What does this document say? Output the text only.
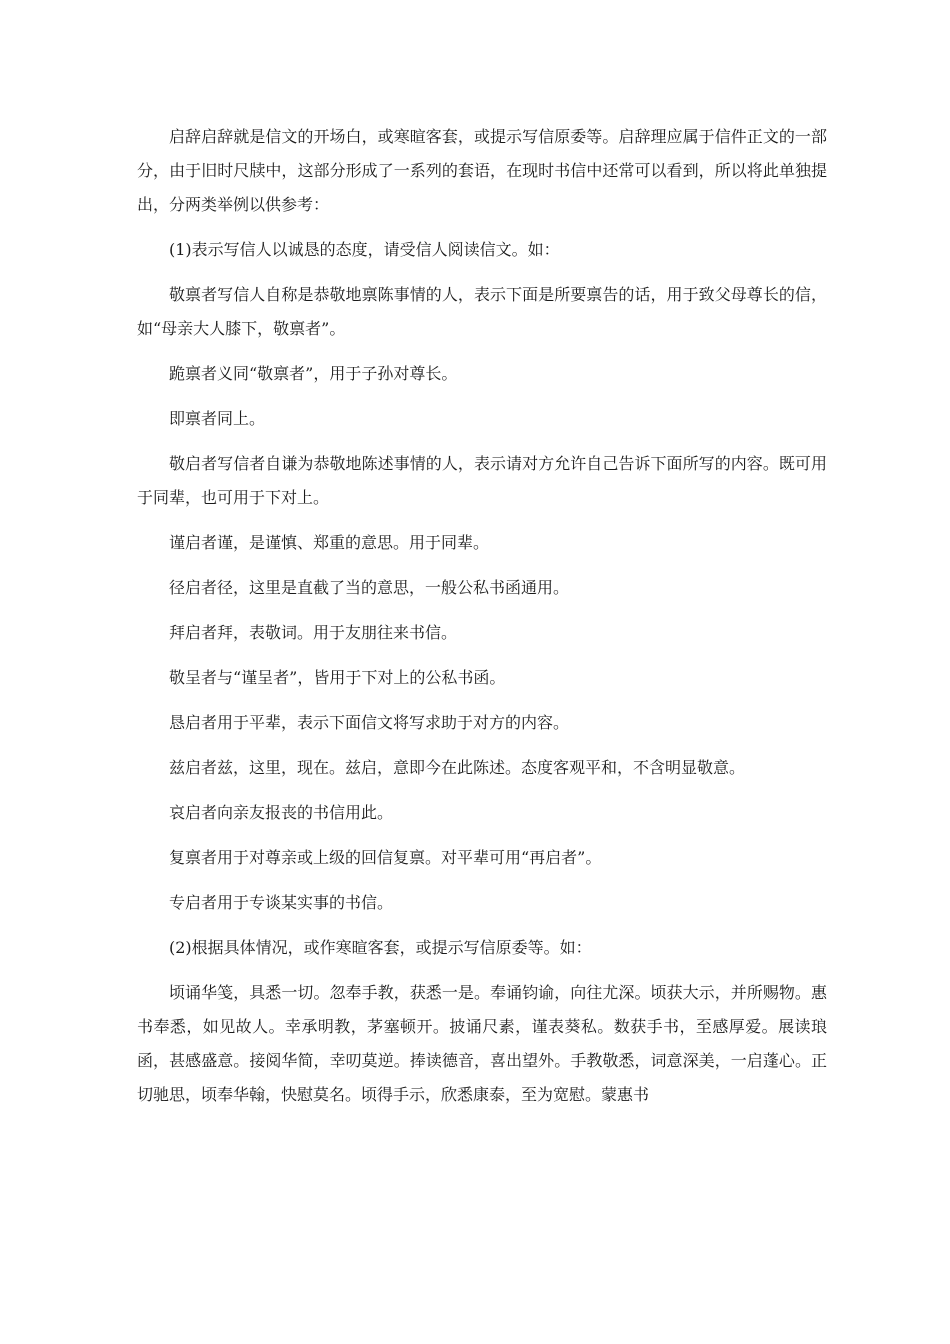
启辞启辞就是信文的开场白，或寒暄客套，或提示写信原委等。启辞理应属于信件正文的一部分，由于旧时尺牍中，这部分形成了一系列的套语，在现时书信中还常可以看到，所以将此单独提出，分两类举例以供参考：

(1)表示写信人以诚恳的态度，请受信人阅读信文。如：

敬禀者写信人自称是恭敬地禀陈事情的人，表示下面是所要禀告的话，用于致父母尊长的信，如“母亲大人膝下，敬禀者”。

跪禀者义同“敬禀者”，用于子孙对尊长。

即禀者同上。

敬启者写信者自谦为恭敬地陈述事情的人，表示请对方允许自己告诉下面所写的内容。既可用于同辈，也可用于下对上。

谨启者谨，是谨慎、郑重的意思。用于同辈。

径启者径，这里是直截了当的意思，一般公私书函通用。

拜启者拜，表敬词。用于友朋往来书信。

敬呈者与“谨呈者”，皆用于下对上的公私书函。

恳启者用于平辈，表示下面信文将写求助于对方的内容。

兹启者兹，这里，现在。兹启，意即今在此陈述。态度客观平和，不含明显敬意。

哀启者向亲友报丧的书信用此。

复禀者用于对尊亲或上级的回信复禀。对平辈可用“再启者”。

专启者用于专谈某实事的书信。

(2)根据具体情况，或作寒暄客套，或提示写信原委等。如：

顷诵华笺，具悉一切。忽奉手教，获悉一是。奉诵钧谕，向往尤深。顷获大示，并所赐物。惠书奉悉，如见故人。幸承明教，茅塞顿开。披诵尺素，谨表葵私。数获手书，至感厚爱。展读琅函，甚感盛意。接阅华简，幸叨莫逆。捧读德音，喜出望外。手教敬悉，词意深美，一启蓬心。正切驰思，顷奉华翰，快慰莫名。顷得手示，欣悉康泰，至为宽慰。蒙惠书
